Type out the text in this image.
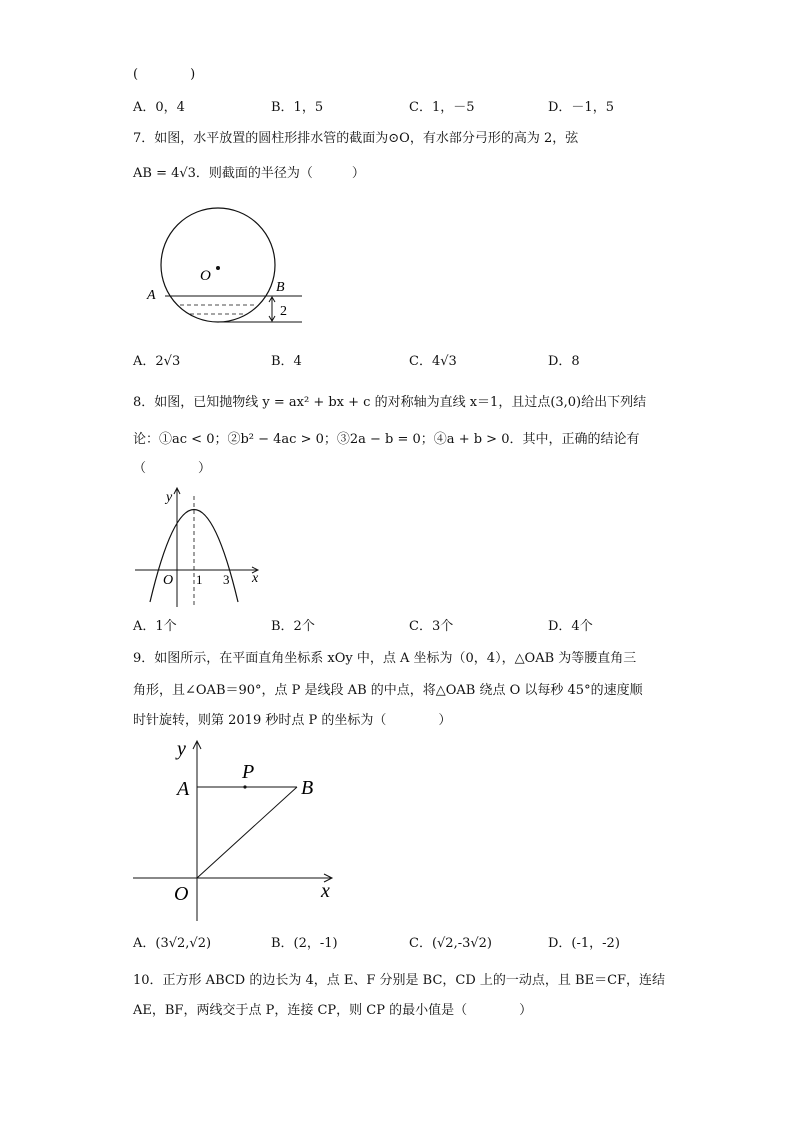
(　　　　)
A．0，4	B．1，5	C．1，－5	D．－1，5
7．如图，水平放置的圆柱形排水管的截面为⊙O，有水部分弓形的高为 2，弦
AB = 4√3．则截面的半径为（　　　）
O
A
B
2
A．2√3	B．4	C．4√3	D．8
8．如图，已知抛物线 y = ax² + bx + c 的对称轴为直线 x＝1，且过点(3,0)给出下列结
论：①ac < 0；②b² − 4ac > 0；③2a − b = 0；④a + b > 0．其中，正确的结论有
（　　　　）
y
x
O 1 3
A．1个	B．2个	C．3个	D．4个
9．如图所示，在平面直角坐标系 xOy 中，点 A 坐标为（0，4），△OAB 为等腰直角三
角形，且∠OAB＝90°，点 P 是线段 AB 的中点，将△OAB 绕点 O 以每秒 45°的速度顺
时针旋转，则第 2019 秒时点 P 的坐标为（　　　　）
y
x
O
A	B
P
A．(3√2,√2)	B．(2，-1)	C．(√2,-3√2)	D．(-1，-2)
10．正方形 ABCD 的边长为 4，点 E、F 分别是 BC，CD 上的一动点，且 BE＝CF，连结
AE，BF，两线交于点 P，连接 CP，则 CP 的最小值是（　　　　）
